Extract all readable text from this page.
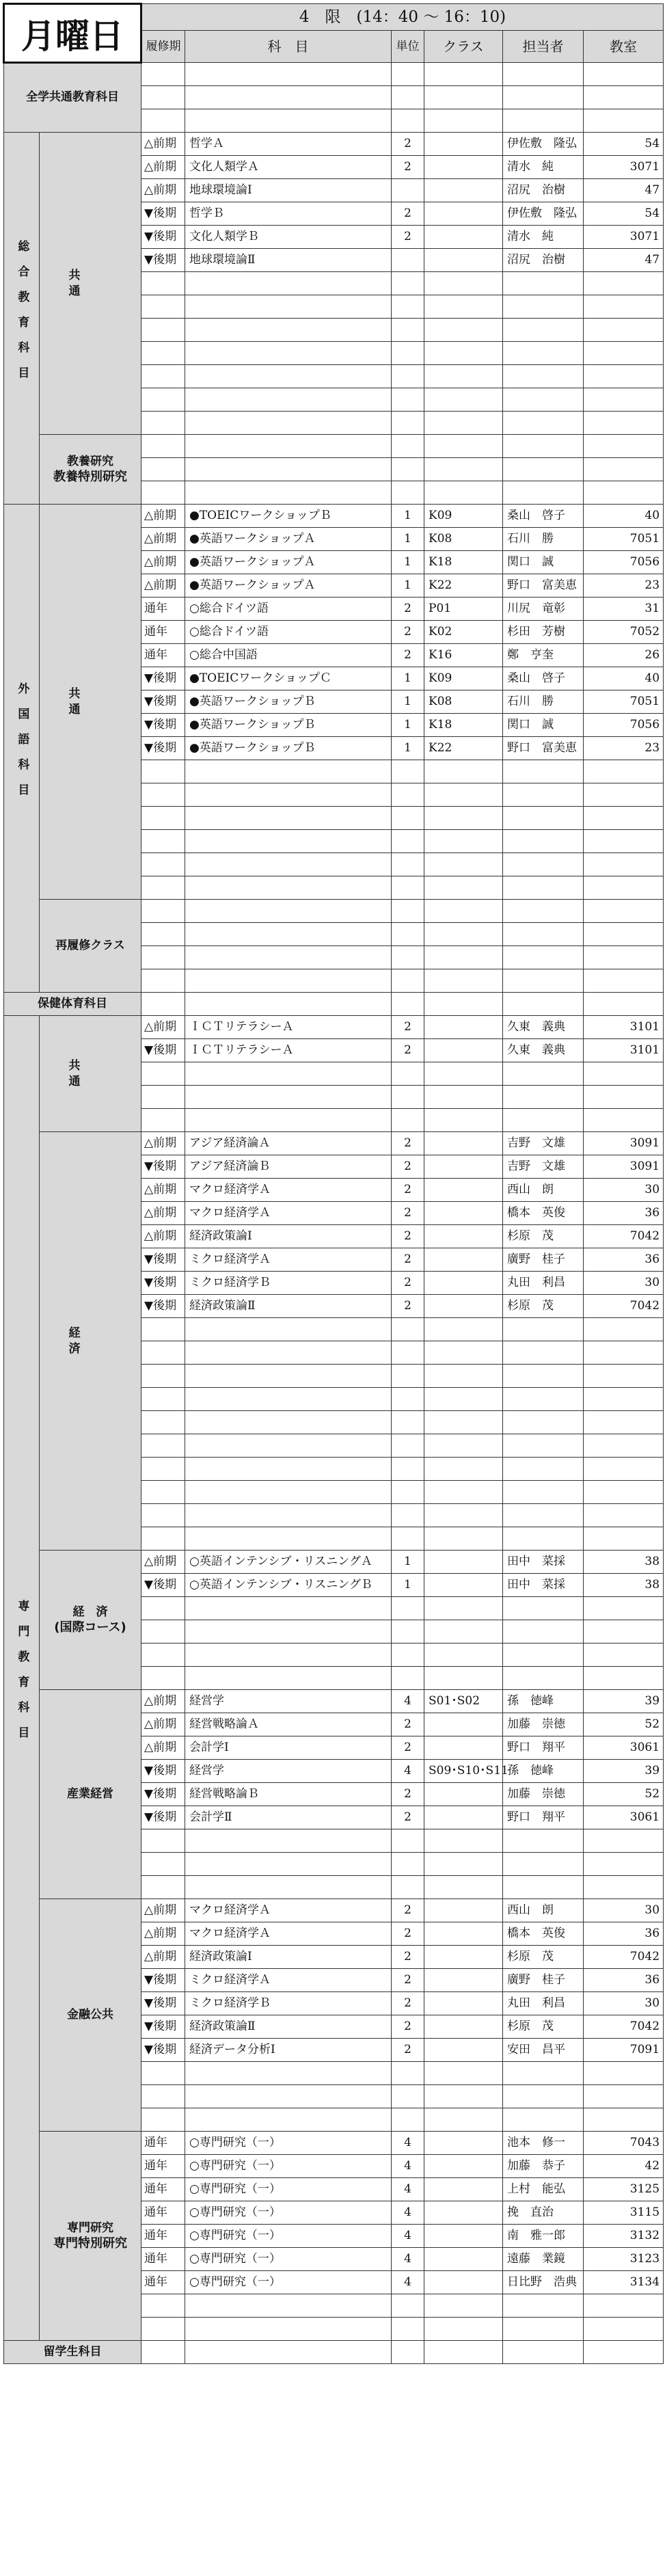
月曜日		4　限　(14：40 ～ 16：10)					
		履修期	科　目	単位	クラス	担当者	教室
全学共通教育科目							

総合教育科目	共　通	△前期	哲学Ａ	2		伊佐敷　隆弘	54
		△前期	文化人類学Ａ	2		清水　純	3071
		△前期	地球環境論Ⅰ			沼尻　治樹	47
		▼後期	哲学Ｂ	2		伊佐敷　隆弘	54
		▼後期	文化人類学Ｂ	2		清水　純	3071
		▼後期	地球環境論Ⅱ			沼尻　治樹	47

	教養研究
教養特別研究						

外国語科目	共　通	△前期	●TOEICワークショップＢ	1	K09	桑山　啓子	40
		△前期	●英語ワークショップＡ	1	K08	石川　勝	7051
		△前期	●英語ワークショップＡ	1	K18	関口　誠	7056
		△前期	●英語ワークショップＡ	1	K22	野口　富美恵	23
		通年	○総合ドイツ語	2	P01	川尻　竜彰	31
		通年	○総合ドイツ語	2	K02	杉田　芳樹	7052
		通年	○総合中国語	2	K16	鄭　亨奎	26
		▼後期	●TOEICワークショップＣ	1	K09	桑山　啓子	40
		▼後期	●英語ワークショップＢ	1	K08	石川　勝	7051
		▼後期	●英語ワークショップＢ	1	K18	関口　誠	7056
		▼後期	●英語ワークショップＢ	1	K22	野口　富美恵	23

	再履修クラス						

保健体育科目							
専門教育科目	共　通	△前期	ＩＣＴリテラシーＡ	2		久東　義典	3101
		▼後期	ＩＣＴリテラシーＡ	2		久東　義典	3101

	経　済	△前期	アジア経済論Ａ	2		吉野　文雄	3091
		▼後期	アジア経済論Ｂ	2		吉野　文雄	3091
		△前期	マクロ経済学Ａ	2		西山　朗	30
		△前期	マクロ経済学Ａ	2		橋本　英俊	36
		△前期	経済政策論Ⅰ	2		杉原　茂	7042
		▼後期	ミクロ経済学Ａ	2		廣野　桂子	36
		▼後期	ミクロ経済学Ｂ	2		丸田　利昌	30
		▼後期	経済政策論Ⅱ	2		杉原　茂	7042

	経　済
(国際コース)	△前期	○英語インテンシブ・リスニングＡ	1		田中　菜採	38
		▼後期	○英語インテンシブ・リスニングＢ	1		田中　菜採	38

	産業経営	△前期	経営学	4	S01･S02	孫　徳峰	39
		△前期	経営戦略論Ａ	2		加藤　崇徳	52
		△前期	会計学Ⅰ	2		野口　翔平	3061
		▼後期	経営学	4	S09･S10･S11	孫　徳峰	39
		▼後期	経営戦略論Ｂ	2		加藤　崇徳	52
		▼後期	会計学Ⅱ	2		野口　翔平	3061

	金融公共	△前期	マクロ経済学Ａ	2		西山　朗	30
		△前期	マクロ経済学Ａ	2		橋本　英俊	36
		△前期	経済政策論Ⅰ	2		杉原　茂	7042
		▼後期	ミクロ経済学Ａ	2		廣野　桂子	36
		▼後期	ミクロ経済学Ｂ	2		丸田　利昌	30
		▼後期	経済政策論Ⅱ	2		杉原　茂	7042
		▼後期	経済データ分析Ⅰ	2		安田　昌平	7091

	専門研究
専門特別研究	通年	○専門研究（一）	4		池本　修一	7043
		通年	○専門研究（一）	4		加藤　恭子	42
		通年	○専門研究（一）	4		上村　能弘	3125
		通年	○専門研究（一）	4		挽　直治	3115
		通年	○専門研究（一）	4		南　雅一郎	3132
		通年	○専門研究（一）	4		遠藤　業鏡	3123
		通年	○専門研究（一）	4		日比野　浩典	3134

留学生科目							
